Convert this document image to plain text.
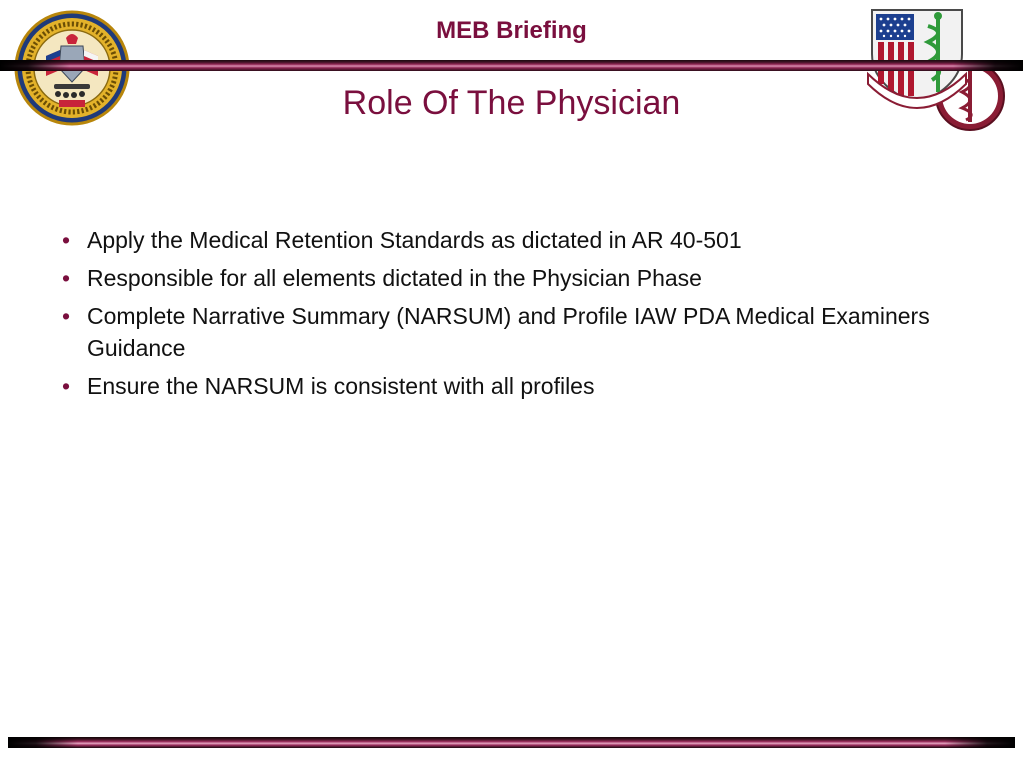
MEB Briefing
Role Of The Physician
• Apply the Medical Retention Standards as dictated in AR 40-501
• Responsible for all elements dictated in the Physician Phase
• Complete Narrative Summary (NARSUM) and Profile IAW PDA Medical Examiners Guidance
• Ensure the NARSUM is consistent with all profiles
